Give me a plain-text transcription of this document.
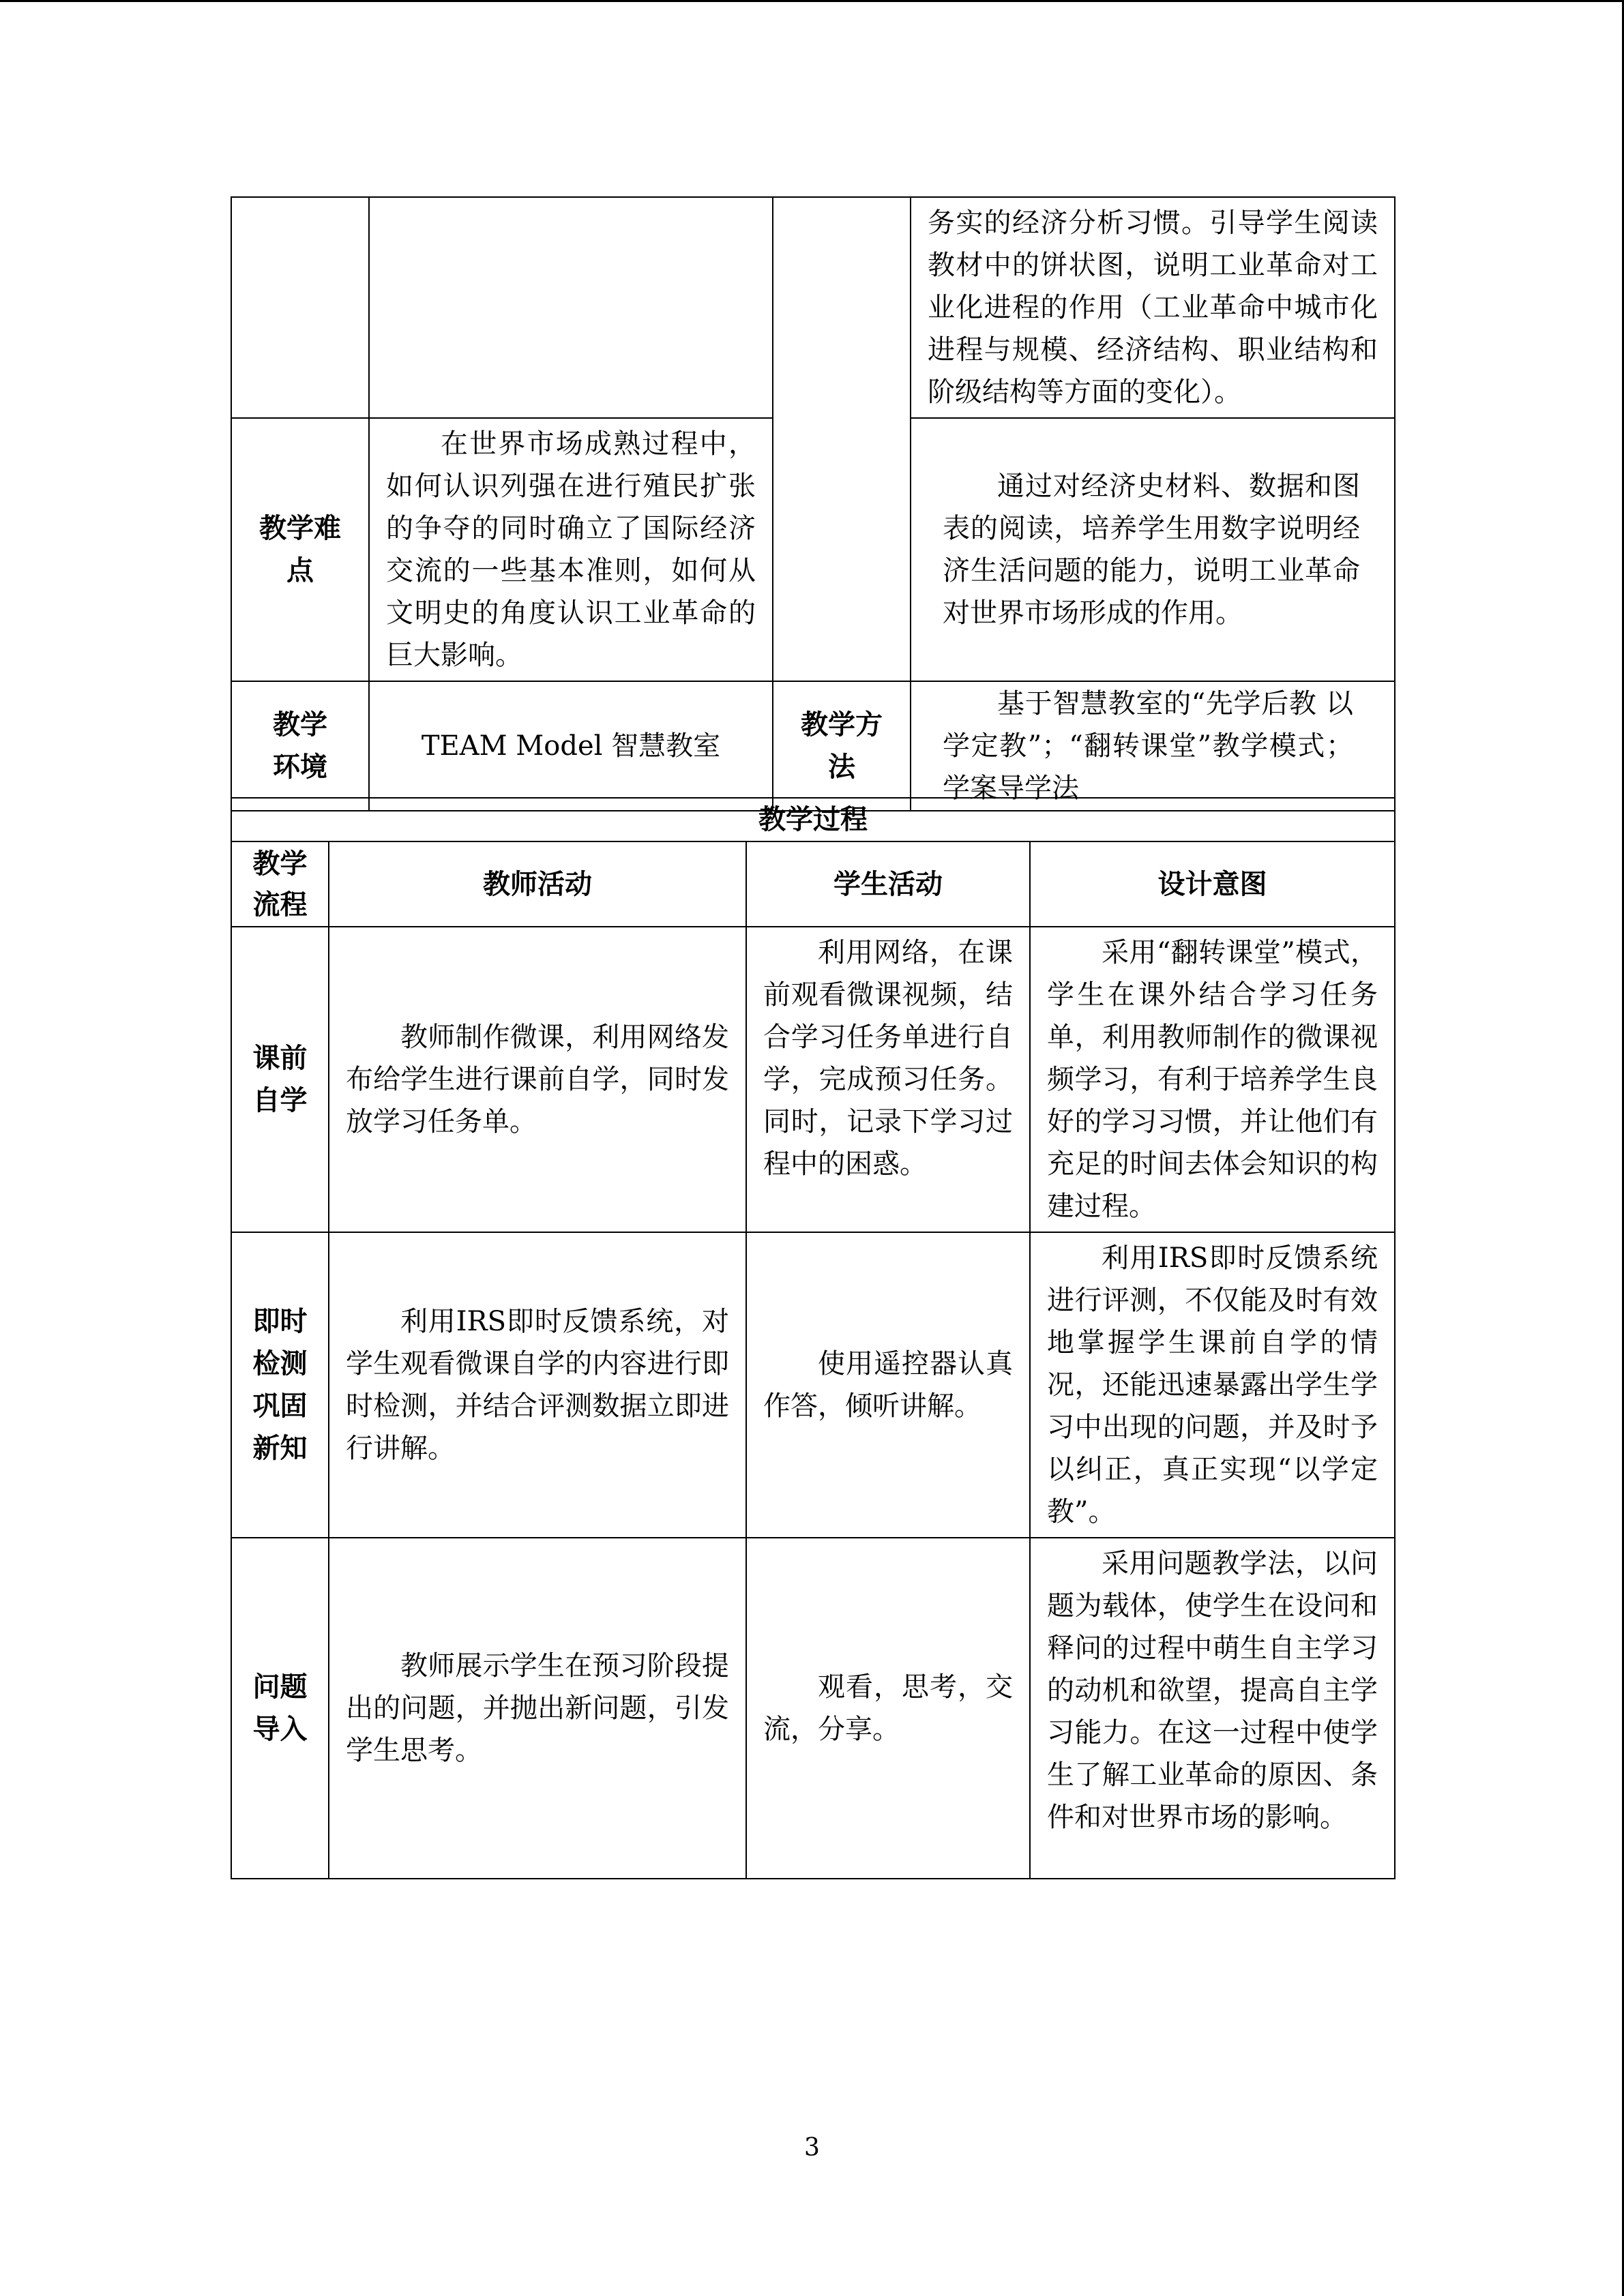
			务实的经济分析习惯。引导学生阅读教材中的饼状图，说明工业革命对工业化进程的作用（工业革命中城市化进程与规模、经济结构、职业结构和阶级结构等方面的变化）。

教学难点	在世界市场成熟过程中，如何认识列强在进行殖民扩张的争夺的同时确立了国际经济交流的一些基本准则，如何从文明史的角度认识工业革命的巨大影响。		通过对经济史材料、数据和图表的阅读，培养学生用数字说明经济生活问题的能力，说明工业革命对世界市场形成的作用。

教学环境	TEAM Model 智慧教室	教学方法	基于智慧教室的“先学后教 以学定教”；“翻转课堂”教学模式；学案导学法
教学过程			

教学流程	教师活动	学生活动	设计意图

课前自学	教师制作微课，利用网络发布给学生进行课前自学，同时发放学习任务单。	利用网络，在课前观看微课视频，结合学习任务单进行自学，完成预习任务。同时，记录下学习过程中的困惑。	采用“翻转课堂”模式，学生在课外结合学习任务单，利用教师制作的微课视频学习，有利于培养学生良好的学习习惯，并让他们有充足的时间去体会知识的构建过程。

即时检测巩固新知	利用IRS即时反馈系统，对学生观看微课自学的内容进行即时检测，并结合评测数据立即进行讲解。	使用遥控器认真作答，倾听讲解。	利用IRS即时反馈系统进行评测，不仅能及时有效地掌握学生课前自学的情况，还能迅速暴露出学生学习中出现的问题，并及时予以纠正，真正实现“以学定教”。

问题导入	教师展示学生在预习阶段提出的问题，并抛出新问题，引发学生思考。	观看，思考，交流，分享。	采用问题教学法，以问题为载体，使学生在设问和释问的过程中萌生自主学习的动机和欲望，提高自主学习能力。在这一过程中使学生了解工业革命的原因、条件和对世界市场的影响。
3
